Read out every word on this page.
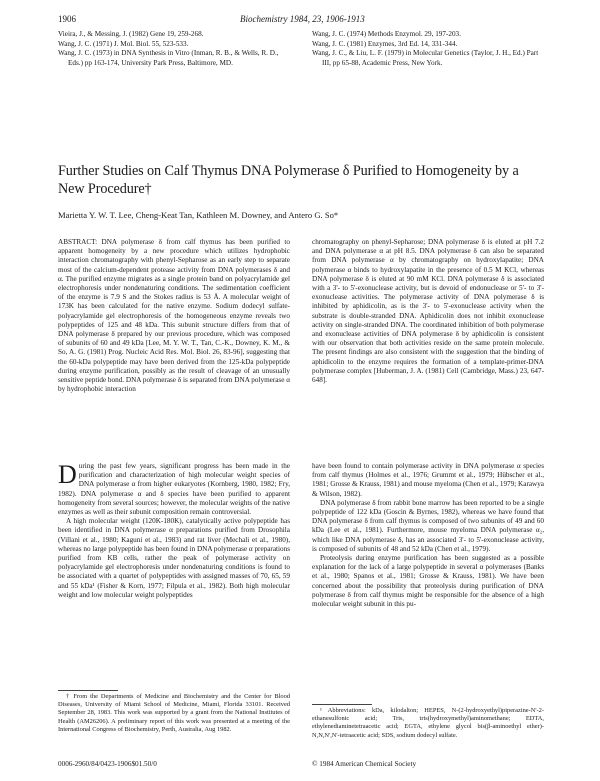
1906	Biochemistry 1984, 23, 1906-1913

Vieira, J., & Messing, J. (1982) Gene 19, 259-268.

Wang, J. C. (1971) J. Mol. Biol. 55, 523-533.

Wang, J. C. (1973) in DNA Synthesis in Vitro (Inman, R. B., & Wells, R. D., Eds.) pp 163-174, University Park Press, Baltimore, MD.

Wang, J. C. (1974) Methods Enzymol. 29, 197-203.

Wang, J. C. (1981) Enzymes, 3rd Ed. 14, 331-344.

Wang, J. C., & Liu, L. F. (1979) in Molecular Genetics (Taylor, J. H., Ed.) Part III, pp 65-88, Academic Press, New York.

Further Studies on Calf Thymus DNA Polymerase δ Purified to Homogeneity by a New Procedure†
Marietta Y. W. T. Lee, Cheng-Keat Tan, Kathleen M. Downey, and Antero G. So*

ABSTRACT: DNA polymerase δ from calf thymus has been purified to apparent homogeneity by a new procedure which utilizes hydrophobic interaction chromatography with phenyl-Sepharose as an early step to separate most of the calcium-dependent protease activity from DNA polymerases δ and α. The purified enzyme migrates as a single protein band on polyacrylamide gel electrophoresis under nondenaturing conditions. The sedimentation coefficient of the enzyme is 7.9 S and the Stokes radius is 53 Å. A molecular weight of 173K has been calculated for the native enzyme. Sodium dodecyl sulfate-polyacrylamide gel electrophoresis of the homogeneous enzyme reveals two polypeptides of 125 and 48 kDa. This subunit structure differs from that of DNA polymerase δ prepared by our previous procedure, which was composed of subunits of 60 and 49 kDa [Lee, M. Y. W. T., Tan, C.-K., Downey, K. M., & So, A. G. (1981) Prog. Nucleic Acid Res. Mol. Biol. 26, 83-96], suggesting that the 60-kDa polypeptide may have been derived from the 125-kDa polypeptide during enzyme purification, possibly as the result of cleavage of an unusually sensitive peptide bond. DNA polymerase δ is separated from DNA polymerase α by hydrophobic interaction

chromatography on phenyl-Sepharose; DNA polymerase δ is eluted at pH 7.2 and DNA polymerase α at pH 8.5. DNA polymerase δ can also be separated from DNA polymerase α by chromatography on hydroxylapatite; DNA polymerase α binds to hydroxylapatite in the presence of 0.5 M KCl, whereas DNA polymerase δ is eluted at 90 mM KCl. DNA polymerase δ is associated with a 3'- to 5'-exonuclease activity, but is devoid of endonuclease or 5'- to 3'-exonuclease activities. The polymerase activity of DNA polymerase δ is inhibited by aphidicolin, as is the 3'- to 5'-exonuclease activity when the substrate is double-stranded DNA. Aphidicolin does not inhibit exonuclease activity on single-stranded DNA. The coordinated inhibition of both polymerase and exonuclease activities of DNA polymerase δ by aphidicolin is consistent with our observation that both activities reside on the same protein molecule. The present findings are also consistent with the suggestion that the binding of aphidicolin to the enzyme requires the formation of a template-primer-DNA polymerase complex [Huberman, J. A. (1981) Cell (Cambridge, Mass.) 23, 647-648].

During the past few years, significant progress has been made in the purification and characterization of high molecular weight species of DNA polymerase α from higher eukaryotes (Kornberg, 1980, 1982; Fry, 1982). DNA polymerase α and δ species have been purified to apparent homogeneity from several sources; however, the molecular weights of the native enzymes as well as their subunit composition remain controversial.

A high molecular weight (120K-180K), catalytically active polypeptide has been identified in DNA polymerase α preparations purified from Drosophila (Villani et al., 1980; Kaguni et al., 1983) and rat liver (Mechali et al., 1980), whereas no large polypeptide has been found in DNA polymerase α preparations purified from KB cells, rather the peak of polymerase activity on polyacrylamide gel electrophoresis under nondenaturing conditions is found to be associated with a quartet of polypeptides with assigned masses of 70, 65, 59 and 55 kDa¹ (Fisher & Korn, 1977; Filpula et al., 1982). Both high molecular weight and low molecular weight polypeptides

have been found to contain polymerase activity in DNA polymerase α species from calf thymus (Holmes et al., 1976; Grummt et al., 1979; Hübscher et al., 1981; Grosse & Krauss, 1981) and mouse myeloma (Chen et al., 1979; Karawya & Wilson, 1982).

DNA polymerase δ from rabbit bone marrow has been reported to be a single polypeptide of 122 kDa (Goscin & Byrnes, 1982), whereas we have found that DNA polymerase δ from calf thymus is composed of two subunits of 49 and 60 kDa (Lee et al., 1981). Furthermore, mouse myeloma DNA polymerase α₂, which like DNA polymerase δ, has an associated 3'- to 5'-exonuclease activity, is composed of subunits of 48 and 52 kDa (Chen et al., 1979).

Proteolysis during enzyme purification has been suggested as a possible explanation for the lack of a large polypeptide in several α polymerases (Banks et al., 1980; Spanos et al., 1981; Grosse & Krauss, 1981). We have been concerned about the possibility that proteolysis during purification of DNA polymerase δ from calf thymus might be responsible for the absence of a high molecular weight subunit in this pu-

† From the Departments of Medicine and Biochemistry and the Center for Blood Diseases, University of Miami School of Medicine, Miami, Florida 33101. Received September 28, 1983. This work was supported by a grant from the National Institutes of Health (AM26206). A preliminary report of this work was presented at a meeting of the International Congress of Biochemistry, Perth, Australia, Aug 1982.

¹ Abbreviations: kDa, kilodalton; HEPES, N-(2-hydroxyethyl)piperazine-N'-2-ethanesulfonic acid; Tris, tris(hydroxymethyl)aminomethane; EDTA, ethylenediaminetetraacetic acid; EGTA, ethylene glycol bis(β-aminoethyl ether)-N,N,N',N'-tetraacetic acid; SDS, sodium dodecyl sulfate.

0006-2960/84/0423-1906$01.50/0	© 1984 American Chemical Society
